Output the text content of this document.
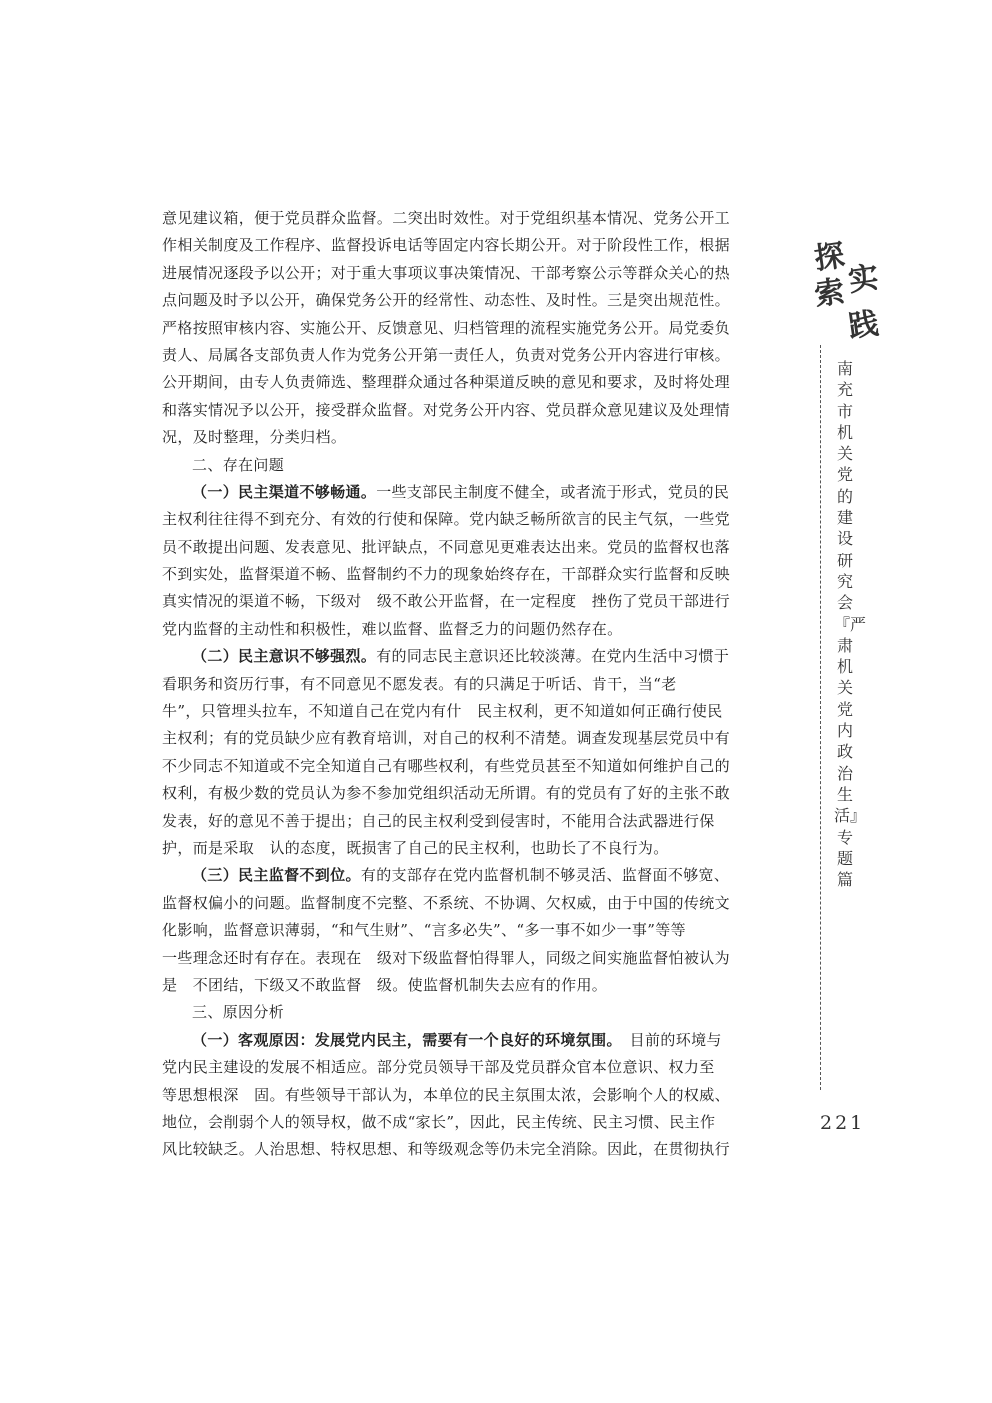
意见建议箱，便于党员群众监督。二突出时效性。对于党组织基本情况、党务公开工
作相关制度及工作程序、监督投诉电话等固定内容长期公开。对于阶段性工作，根据
进展情况逐段予以公开；对于重大事项议事决策情况、干部考察公示等群众关心的热
点问题及时予以公开，确保党务公开的经常性、动态性、及时性。三是突出规范性。
严格按照审核内容、实施公开、反馈意见、归档管理的流程实施党务公开。局党委负
责人、局属各支部负责人作为党务公开第一责任人，负责对党务公开内容进行审核。
公开期间，由专人负责筛选、整理群众通过各种渠道反映的意见和要求，及时将处理
和落实情况予以公开，接受群众监督。对党务公开内容、党员群众意见建议及处理情
况，及时整理，分类归档。
二、存在问题
（一）民主渠道不够畅通。一些支部民主制度不健全，或者流于形式，党员的民
主权利往往得不到充分、有效的行使和保障。党内缺乏畅所欲言的民主气氛，一些党
员不敢提出问题、发表意见、批评缺点，不同意见更难表达出来。党员的监督权也落
不到实处，监督渠道不畅、监督制约不力的现象始终存在，干部群众实行监督和反映
真实情况的渠道不畅，下级对　级不敢公开监督，在一定程度　挫伤了党员干部进行
党内监督的主动性和积极性，难以监督、监督乏力的问题仍然存在。
（二）民主意识不够强烈。有的同志民主意识还比较淡薄。在党内生活中习惯于
看职务和资历行事，有不同意见不愿发表。有的只满足于听话、肯干，当“老
牛”，只管埋头拉车，不知道自己在党内有什　民主权利，更不知道如何正确行使民
主权利；有的党员缺少应有教育培训，对自己的权利不清楚。调查发现基层党员中有
不少同志不知道或不完全知道自己有哪些权利，有些党员甚至不知道如何维护自己的
权利，有极少数的党员认为参不参加党组织活动无所谓。有的党员有了好的主张不敢
发表，好的意见不善于提出；自己的民主权利受到侵害时，不能用合法武器进行保
护，而是采取　认的态度，既损害了自己的民主权利，也助长了不良行为。
（三）民主监督不到位。有的支部存在党内监督机制不够灵活、监督面不够宽、
监督权偏小的问题。监督制度不完整、不系统、不协调、欠权威，由于中国的传统文
化影响，监督意识薄弱，“和气生财”、“言多必失”、“多一事不如少一事”等等
一些理念还时有存在。表现在　级对下级监督怕得罪人，同级之间实施监督怕被认为
是　不团结，下级又不敢监督　级。使监督机制失去应有的作用。
三、原因分析
（一）客观原因：发展党内民主，需要有一个良好的环境氛围。　目前的环境与
党内民主建设的发展不相适应。部分党员领导干部及党员群众官本位意识、权力至
等思想根深　固。有些领导干部认为，本单位的民主氛围太浓，会影响个人的权威、
地位，会削弱个人的领导权，做不成“家长”，因此，民主传统、民主习惯、民主作
风比较缺乏。人治思想、特权思想、和等级观念等仍未完全消除。因此，在贯彻执行
探
索 实
践
南充市机关党的建设研究会『严肃机关党内政治生活』专题篇
221
